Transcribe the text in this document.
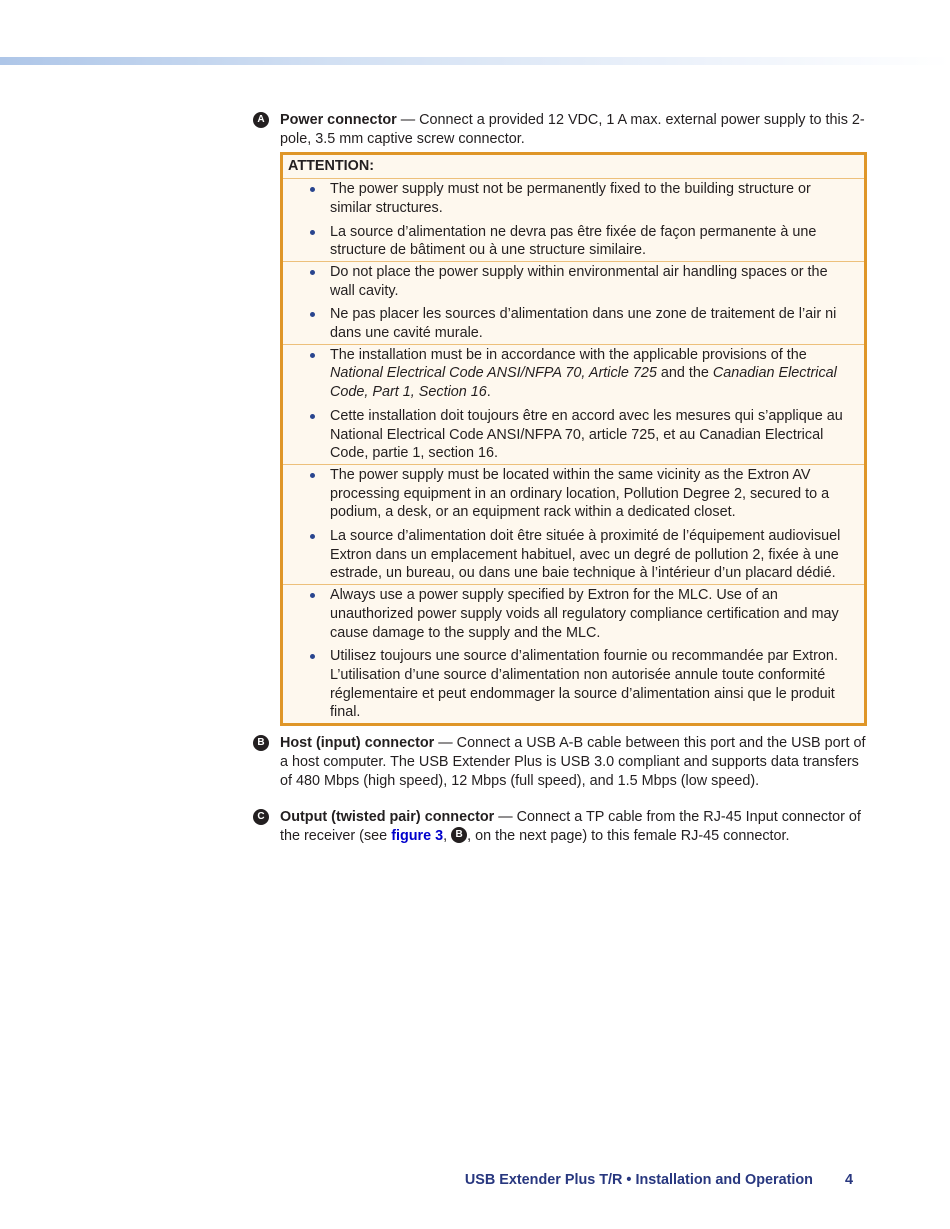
A	Power connector — Connect a provided 12 VDC, 1 A max. external power supply to this 2-pole, 3.5 mm captive screw connector.
ATTENTION:
The power supply must not be permanently fixed to the building structure or similar structures.
La source d’alimentation ne devra pas être fixée de façon permanente à une structure de bâtiment ou à une structure similaire.
Do not place the power supply within environmental air handling spaces or the wall cavity.
Ne pas placer les sources d’alimentation dans une zone de traitement de l’air ni dans une cavité murale.
The installation must be in accordance with the applicable provisions of the National Electrical Code ANSI/NFPA 70, Article 725 and the Canadian Electrical Code, Part 1, Section 16.
Cette installation doit toujours être en accord avec les mesures qui s’applique au National Electrical Code ANSI/NFPA 70, article 725, et au Canadian Electrical Code, partie 1, section 16.
The power supply must be located within the same vicinity as the Extron AV processing equipment in an ordinary location, Pollution Degree 2, secured to a podium, a desk, or an equipment rack within a dedicated closet.
La source d’alimentation doit être située à proximité de l’équipement audiovisuel Extron dans un emplacement habituel, avec un degré de pollution 2, fixée à une estrade, un bureau, ou dans une baie technique à l’intérieur d’un placard dédié.
Always use a power supply specified by Extron for the MLC. Use of an unauthorized power supply voids all regulatory compliance certification and may cause damage to the supply and the MLC.
Utilisez toujours une source d’alimentation fournie ou recommandée par Extron. L’utilisation d’une source d’alimentation non autorisée annule toute conformité réglementaire et peut endommager la source d’alimentation ainsi que le produit final.
B	Host (input) connector — Connect a USB A-B cable between this port and the USB port of a host computer. The USB Extender Plus is USB 3.0 compliant and supports data transfers of 480 Mbps (high speed), 12 Mbps (full speed), and 1.5 Mbps (low speed).
C	Output (twisted pair) connector — Connect a TP cable from the RJ-45 Input connector of the receiver (see figure 3, B , on the next page) to this female RJ-45 connector.
USB Extender Plus T/R • Installation and Operation 4
